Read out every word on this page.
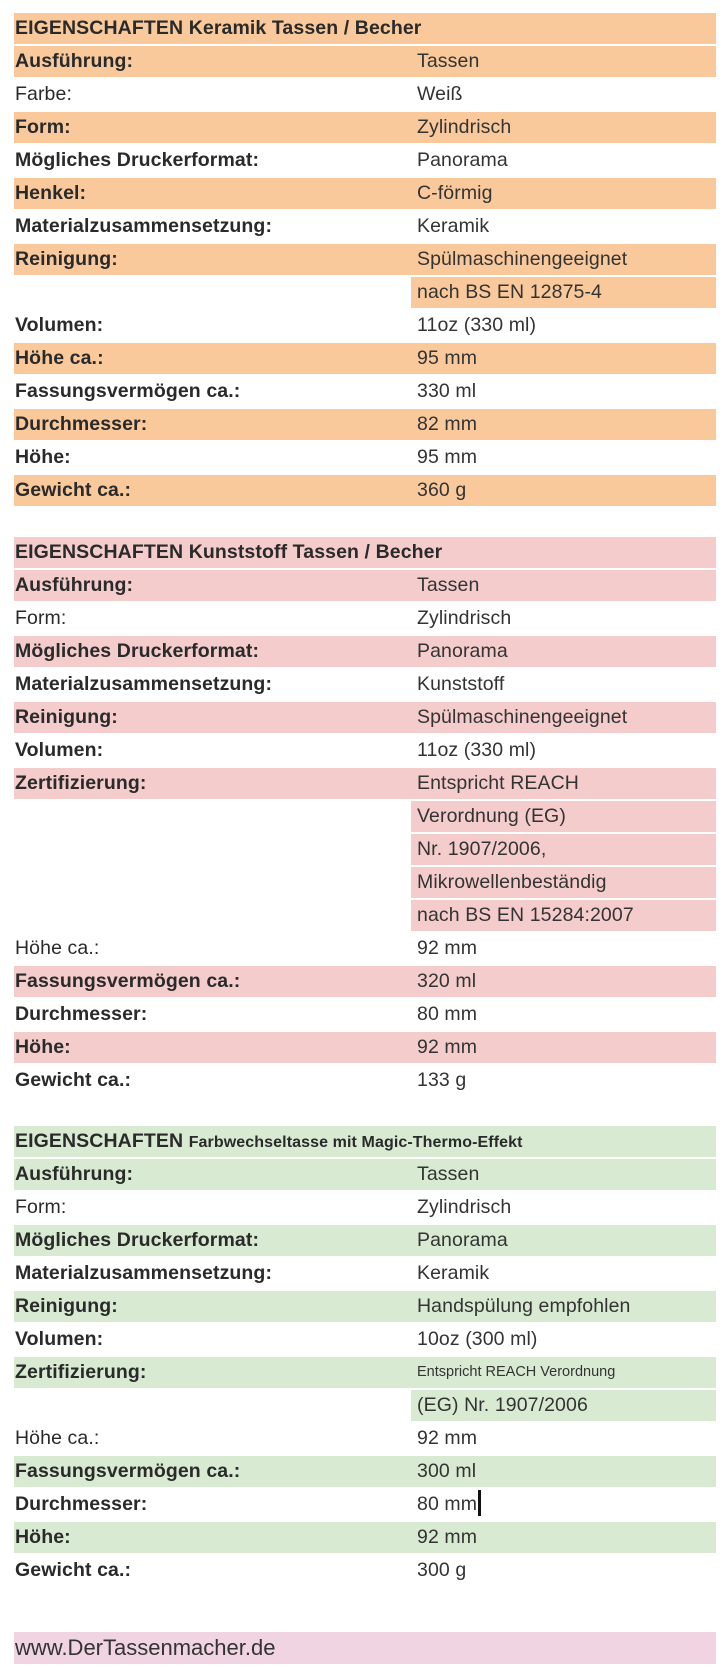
EIGENSCHAFTEN Keramik Tassen / Becher
Ausführung:	Tassen
Farbe:	Weiß
Form:	Zylindrisch
Mögliches Druckerformat:	Panorama
Henkel:	C-förmig
Materialzusammensetzung:	Keramik
Reinigung:	Spülmaschinengeeignet
nach BS EN 12875-4
Volumen:	11oz (330 ml)
Höhe ca.:	95 mm
Fassungsvermögen ca.:	330 ml
Durchmesser:	82 mm
Höhe:	95 mm
Gewicht ca.:	360 g
EIGENSCHAFTEN Kunststoff Tassen / Becher
Ausführung:	Tassen
Form:	Zylindrisch
Mögliches Druckerformat:	Panorama
Materialzusammensetzung:	Kunststoff
Reinigung:	Spülmaschinengeeignet
Volumen:	11oz (330 ml)
Zertifizierung:	Entspricht REACH
Verordnung (EG)
Nr. 1907/2006,
Mikrowellenbeständig
nach BS EN 15284:2007
Höhe ca.:	92 mm
Fassungsvermögen ca.:	320 ml
Durchmesser:	80 mm
Höhe:	92 mm
Gewicht ca.:	133 g
EIGENSCHAFTEN Farbwechseltasse mit Magic-Thermo-Effekt
Ausführung:	Tassen
Form:	Zylindrisch
Mögliches Druckerformat:	Panorama
Materialzusammensetzung:	Keramik
Reinigung:	Handspülung empfohlen
Volumen:	10oz (300 ml)
Zertifizierung:	Entspricht REACH Verordnung
(EG) Nr. 1907/2006
Höhe ca.:	92 mm
Fassungsvermögen ca.:	300 ml
Durchmesser:	80 mm
Höhe:	92 mm
Gewicht ca.:	300 g
www.DerTassenmacher.de
